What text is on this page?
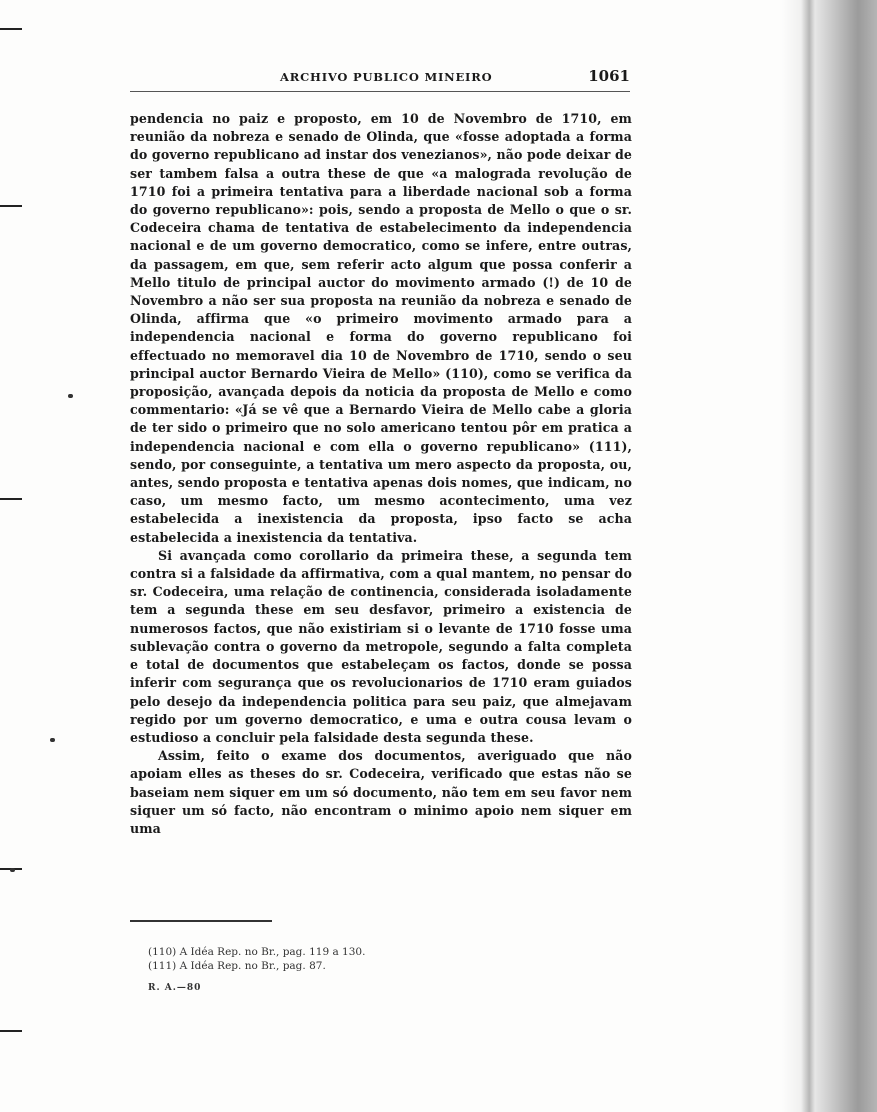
ARCHIVO PUBLICO MINEIRO	1061

pendencia no paiz e proposto, em 10 de Novembro de 1710, em reunião da nobreza e senado de Olinda, que «fosse adoptada a forma do governo republicano ad instar dos venezianos», não pode deixar de ser tambem falsa a outra these de que «a malograda revolução de 1710 foi a primeira tentativa para a liberdade nacional sob a forma do governo republicano»: pois, sendo a proposta de Mello o que o sr. Codeceira chama de tentativa de estabelecimento da independencia nacional e de um governo democratico, como se infere, entre outras, da passagem, em que, sem referir acto algum que possa conferir a Mello titulo de principal auctor do movimento armado (!) de 10 de Novembro a não ser sua proposta na reunião da nobreza e senado de Olinda, affirma que «o primeiro movimento armado para a independencia nacional e forma do governo republicano foi effectuado no memoravel dia 10 de Novembro de 1710, sendo o seu principal auctor Bernardo Vieira de Mello» (110), como se verifica da proposição, avançada depois da noticia da proposta de Mello e como commentario: «Já se vê que a Bernardo Vieira de Mello cabe a gloria de ter sido o primeiro que no solo americano tentou pôr em pratica a independencia nacional e com ella o governo republicano» (111), sendo, por conseguinte, a tentativa um mero aspecto da proposta, ou, antes, sendo proposta e tentativa apenas dois nomes, que indicam, no caso, um mesmo facto, um mesmo acontecimento, uma vez estabelecida a inexistencia da proposta, ipso facto se acha estabelecida a inexistencia da tentativa.

Si avançada como corollario da primeira these, a segunda tem contra si a falsidade da affirmativa, com a qual mantem, no pensar do sr. Codeceira, uma relação de continencia, considerada isoladamente tem a segunda these em seu desfavor, primeiro a existencia de numerosos factos, que não existiriam si o levante de 1710 fosse uma sublevação contra o governo da metropole, segundo a falta completa e total de documentos que estabeleçam os factos, donde se possa inferir com segurança que os revolucionarios de 1710 eram guiados pelo desejo da independencia politica para seu paiz, que almejavam regido por um governo democratico, e uma e outra cousa levam o estudioso a concluir pela falsidade desta segunda these.

Assim, feito o exame dos documentos, averiguado que não apoiam elles as theses do sr. Codeceira, verificado que estas não se baseiam nem siquer em um só documento, não tem em seu favor nem siquer um só facto, não encontram o minimo apoio nem siquer em uma

(110) A Idéa Rep. no Br., pag. 119 a 130.
(111) A Idéa Rep. no Br., pag. 87.
R. A.—80
